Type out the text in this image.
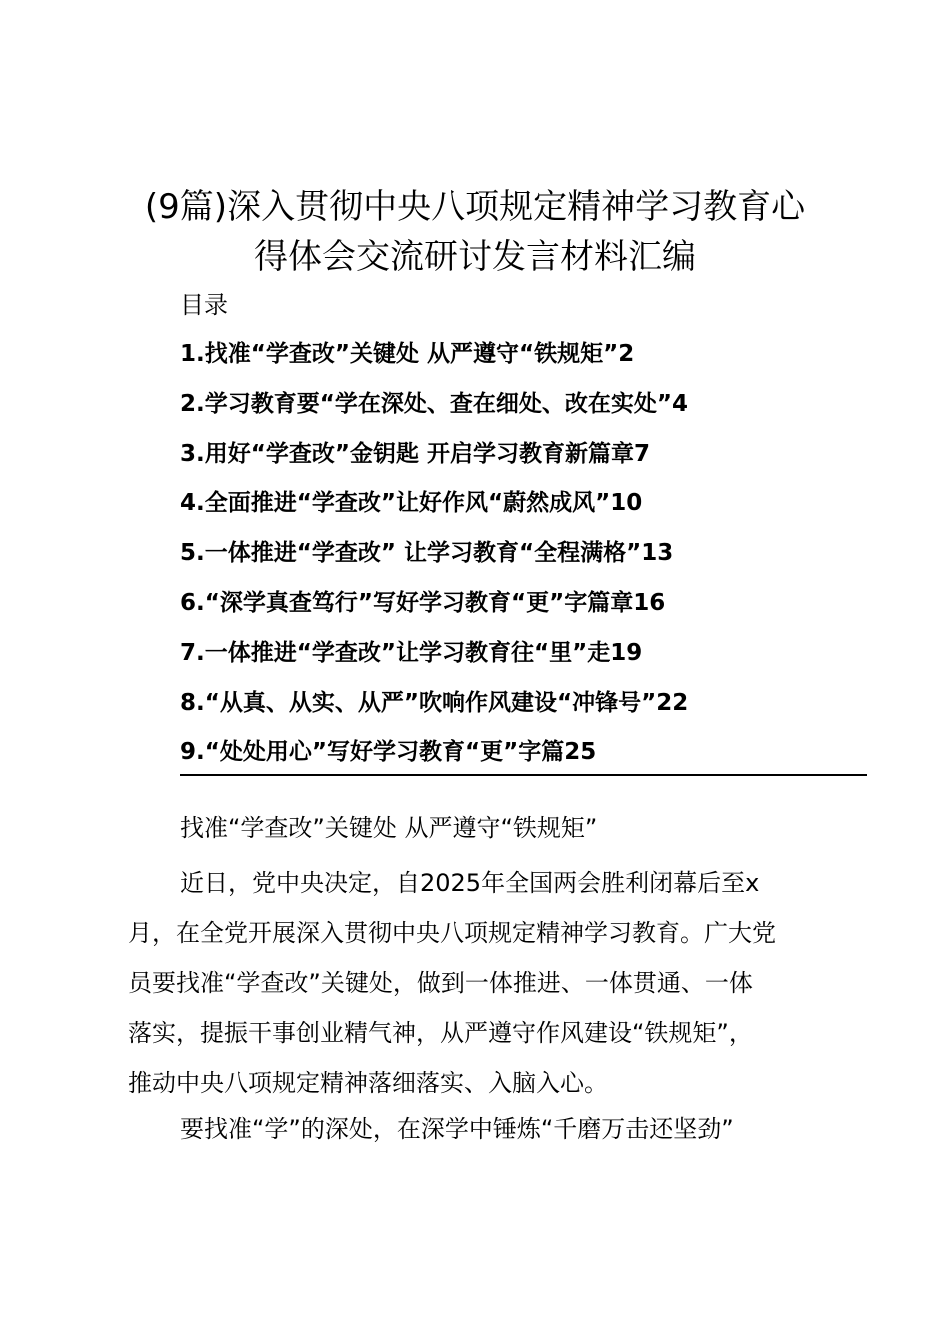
(9篇)深入贯彻中央八项规定精神学习教育心
得体会交流研讨发言材料汇编
目录
1.找准“学查改”关键处 从严遵守“铁规矩”2
2.学习教育要“学在深处、查在细处、改在实处”4
3.用好“学查改”金钥匙 开启学习教育新篇章7
4.全面推进“学查改”让好作风“蔚然成风”10
5.一体推进“学查改” 让学习教育“全程满格”13
6.“深学真查笃行”写好学习教育“更”字篇章16
7.一体推进“学查改”让学习教育往“里”走19
8.“从真、从实、从严”吹响作风建设“冲锋号”22
9.“处处用心”写好学习教育“更”字篇25
找准“学查改”关键处 从严遵守“铁规矩”
近日，党中央决定，自2025年全国两会胜利闭幕后至x
月，在全党开展深入贯彻中央八项规定精神学习教育。广大党
员要找准“学查改”关键处，做到一体推进、一体贯通、一体
落实，提振干事创业精气神，从严遵守作风建设“铁规矩”，
推动中央八项规定精神落细落实、入脑入心。
要找准“学”的深处，在深学中锤炼“千磨万击还坚劲”
